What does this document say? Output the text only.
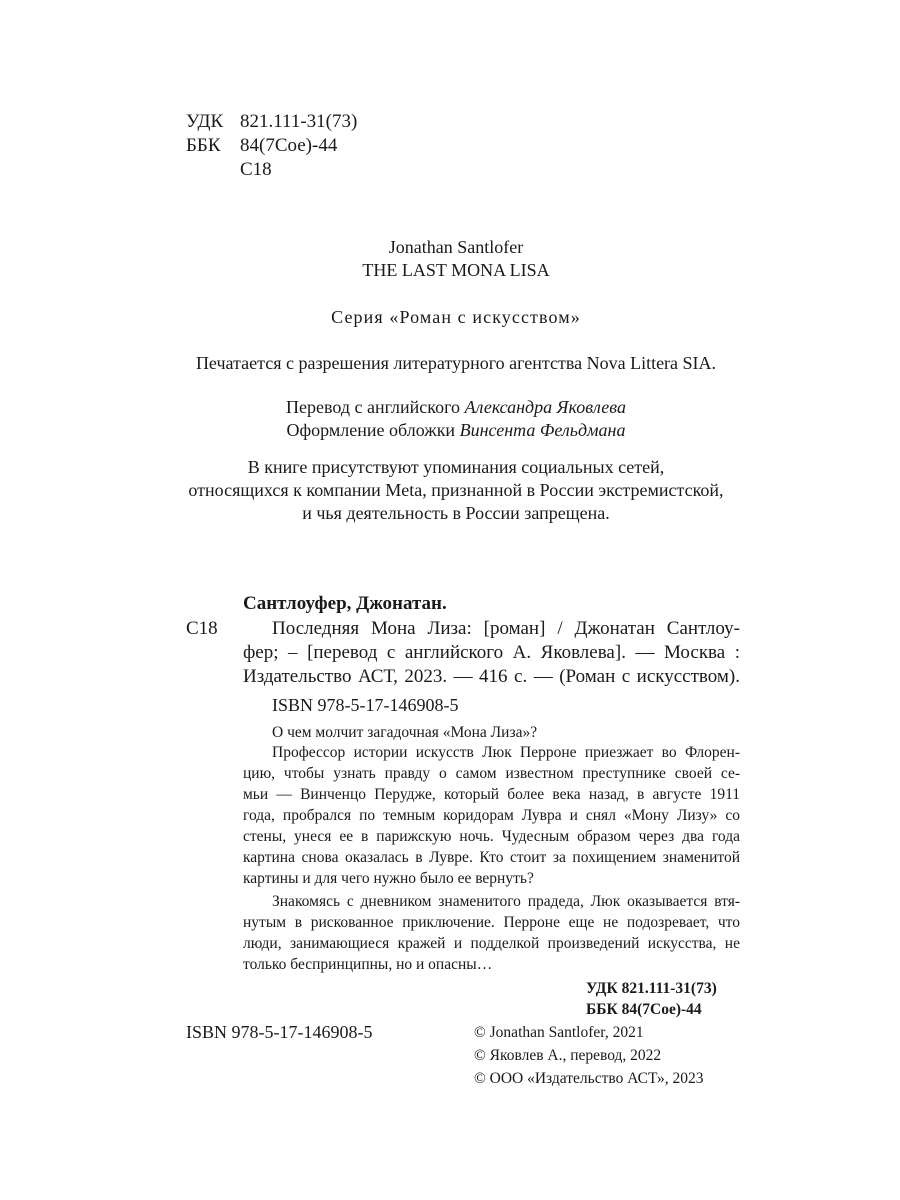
УДК 821.111-31(73)
ББК 84(7Сое)-44
С18
Jonathan Santlofer
THE LAST MONA LISA
Серия «Роман с искусством»
Печатается с разрешения литературного агентства Nova Littera SIA.
Перевод с английского Александра Яковлева
Оформление обложки Винсента Фельдмана
В книге присутствуют упоминания социальных сетей,
относящихся к компании Meta, признанной в России экстремистской,
и чья деятельность в России запрещена.
Сантлоуфер, Джонатан.
С18	Последняя Мона Лиза: [роман] / Джонатан Сантлоу-
фер; – [перевод с английского А. Яковлева]. — Москва :
Издательство АСТ, 2023. — 416 с. — (Роман с искусством).
ISBN 978-5-17-146908-5
О чем молчит загадочная «Мона Лиза»?
Профессор истории искусств Люк Перроне приезжает во Флорен-
цию, чтобы узнать правду о самом известном преступнике своей се-
мьи — Винченцо Перудже, который более века назад, в августе 1911
года, пробрался по темным коридорам Лувра и снял «Мону Лизу» со
стены, унеся ее в парижскую ночь. Чудесным образом через два года
картина снова оказалась в Лувре. Кто стоит за похищением знаменитой
картины и для чего нужно было ее вернуть?
Знакомясь с дневником знаменитого прадеда, Люк оказывается втя-
нутым в рискованное приключение. Перроне еще не подозревает, что
люди, занимающиеся кражей и подделкой произведений искусства, не
только беспринципны, но и опасны…
УДК 821.111-31(73)
ББК 84(7Сое)-44
ISBN 978-5-17-146908-5	© Jonathan Santlofer, 2021
© Яковлев А., перевод, 2022
© ООО «Издательство АСТ», 2023
